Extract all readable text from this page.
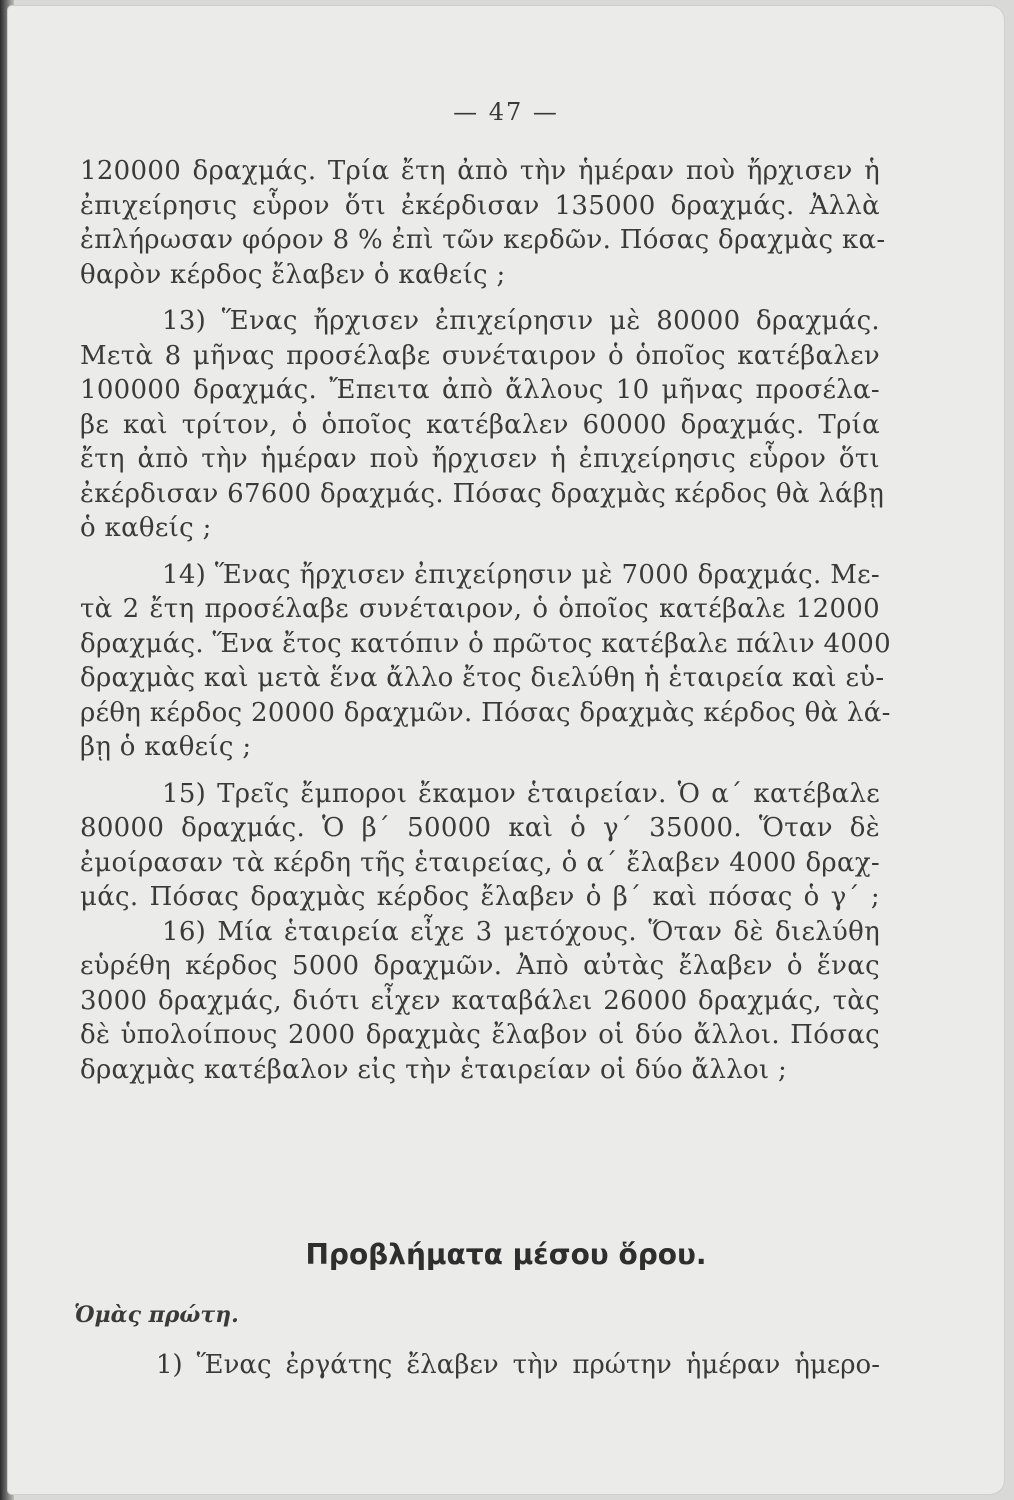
— 47 —
120000 δραχμάς. Τρία ἔτη ἀπὸ τὴν ἡμέραν ποὺ ἤρχισεν ἡ
ἐπιχείρησις εὗρον ὅτι ἐκέρδισαν 135000 δραχμάς. Ἀλλὰ
ἐπλήρωσαν φόρον 8 % ἐπὶ τῶν κερδῶν. Πόσας δραχμὰς κα-
θαρὸν κέρδος ἔλαβεν ὁ καθείς ;
13) Ἕνας ἤρχισεν ἐπιχείρησιν μὲ 80000 δραχμάς.
Μετὰ 8 μῆνας προσέλαβε συνέταιρον ὁ ὁποῖος κατέβαλεν
100000 δραχμάς. Ἔπειτα ἀπὸ ἄλλους 10 μῆνας προσέλα-
βε καὶ τρίτον, ὁ ὁποῖος κατέβαλεν 60000 δραχμάς. Τρία
ἔτη ἀπὸ τὴν ἡμέραν ποὺ ἤρχισεν ἡ ἐπιχείρησις εὗρον ὅτι
ἐκέρδισαν 67600 δραχμάς. Πόσας δραχμὰς κέρδος θὰ λάβῃ
ὁ καθείς ;
14) Ἕνας ἤρχισεν ἐπιχείρησιν μὲ 7000 δραχμάς. Με-
τὰ 2 ἔτη προσέλαβε συνέταιρον, ὁ ὁποῖος κατέβαλε 12000
δραχμάς. Ἕνα ἔτος κατόπιν ὁ πρῶτος κατέβαλε πάλιν 4000
δραχμὰς καὶ μετὰ ἕνα ἄλλο ἔτος διελύθη ἡ ἑταιρεία καὶ εὑ-
ρέθη κέρδος 20000 δραχμῶν. Πόσας δραχμὰς κέρδος θὰ λά-
βῃ ὁ καθείς ;
15) Τρεῖς ἔμποροι ἔκαμον ἑταιρείαν. Ὁ α΄ κατέβαλε
80000 δραχμάς. Ὁ β΄ 50000 καὶ ὁ γ΄ 35000. Ὅταν δὲ
ἐμοίρασαν τὰ κέρδη τῆς ἑταιρείας, ὁ α΄ ἔλαβεν 4000 δραχ-
μάς. Πόσας δραχμὰς κέρδος ἔλαβεν ὁ β΄ καὶ πόσας ὁ γ΄ ;
16) Μία ἑταιρεία εἶχε 3 μετόχους. Ὅταν δὲ διελύθη
εὑρέθη κέρδος 5000 δραχμῶν. Ἀπὸ αὐτὰς ἔλαβεν ὁ ἕνας
3000 δραχμάς, διότι εἶχεν καταβάλει 26000 δραχμάς, τὰς
δὲ ὑπολοίπους 2000 δραχμὰς ἔλαβον οἱ δύο ἄλλοι. Πόσας
δραχμὰς κατέβαλον εἰς τὴν ἑταιρείαν οἱ δύο ἄλλοι ;
Προβλήματα μέσου ὅρου.
Ὁμὰς πρώτη.
1) Ἕνας ἐργάτης ἔλαβεν τὴν πρώτην ἡμέραν ἡμερο-
